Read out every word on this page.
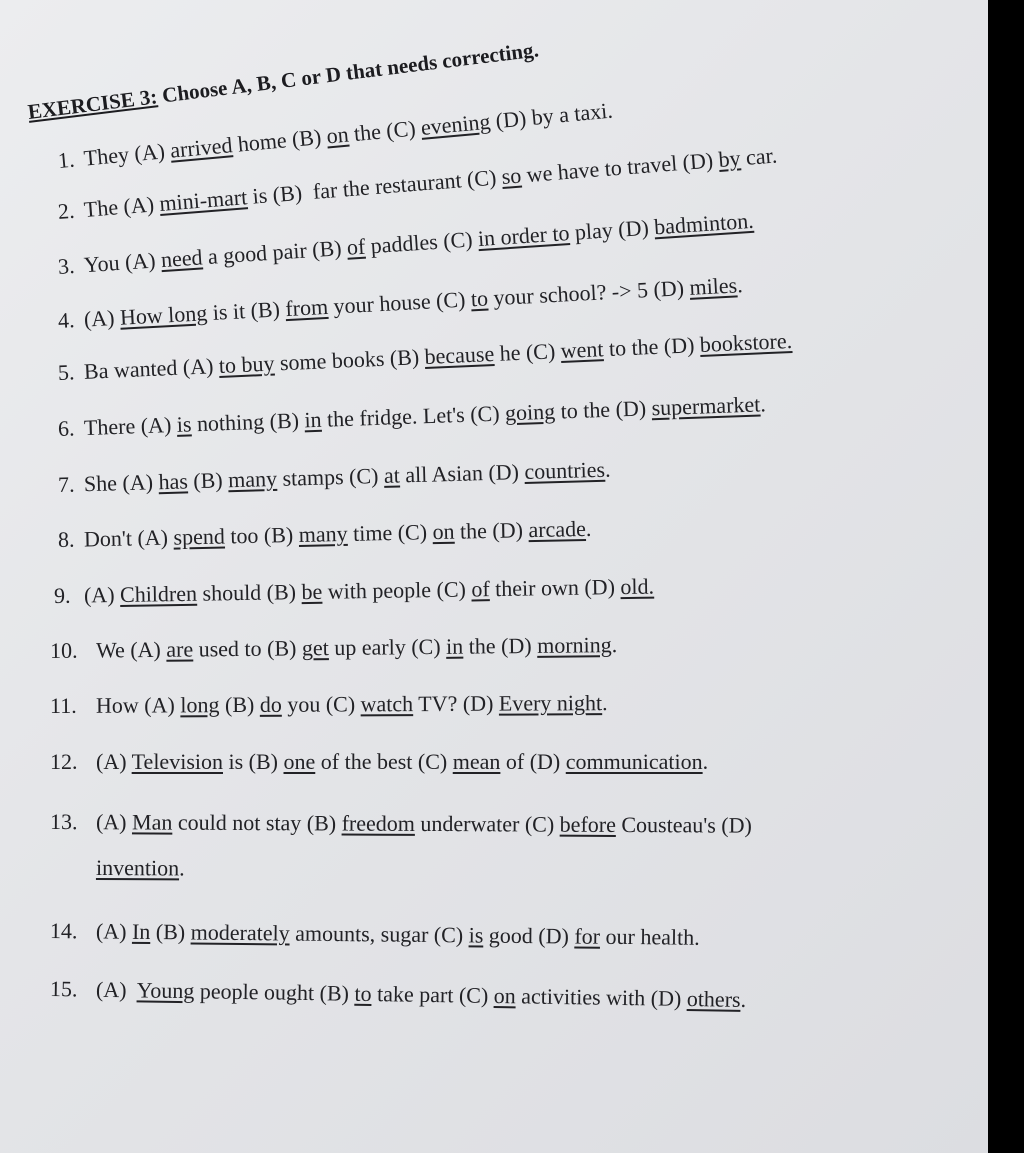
EXERCISE 3: Choose A, B, C or D that needs correcting.
1. They (A) arrived home (B) on the (C) evening (D) by a taxi.
2. The (A) mini-mart is (B)  far the restaurant (C) so we have to travel (D) by car.
3. You (A) need a good pair (B) of paddles (C) in order to play (D) badminton.
4. (A) How long is it (B) from your house (C) to your school? -> 5 (D) miles.
5. Ba wanted (A) to buy some books (B) because he (C) went to the (D) bookstore.
6. There (A) is nothing (B) in the fridge. Let's (C) going to the (D) supermarket.
7. She (A) has (B) many stamps (C) at all Asian (D) countries.
8. Don't (A) spend too (B) many time (C) on the (D) arcade.
9. (A) Children should (B) be with people (C) of their own (D) old.
10. We (A) are used to (B) get up early (C) in the (D) morning.
11. How (A) long (B) do you (C) watch TV? (D) Every night.
12. (A) Television is (B) one of the best (C) mean of (D) communication.
13. (A) Man could not stay (B) freedom underwater (C) before Cousteau's (D)
invention.
14. (A) In (B) moderately amounts, sugar (C) is good (D) for our health.
15. (A)  Young people ought (B) to take part (C) on activities with (D) others.
